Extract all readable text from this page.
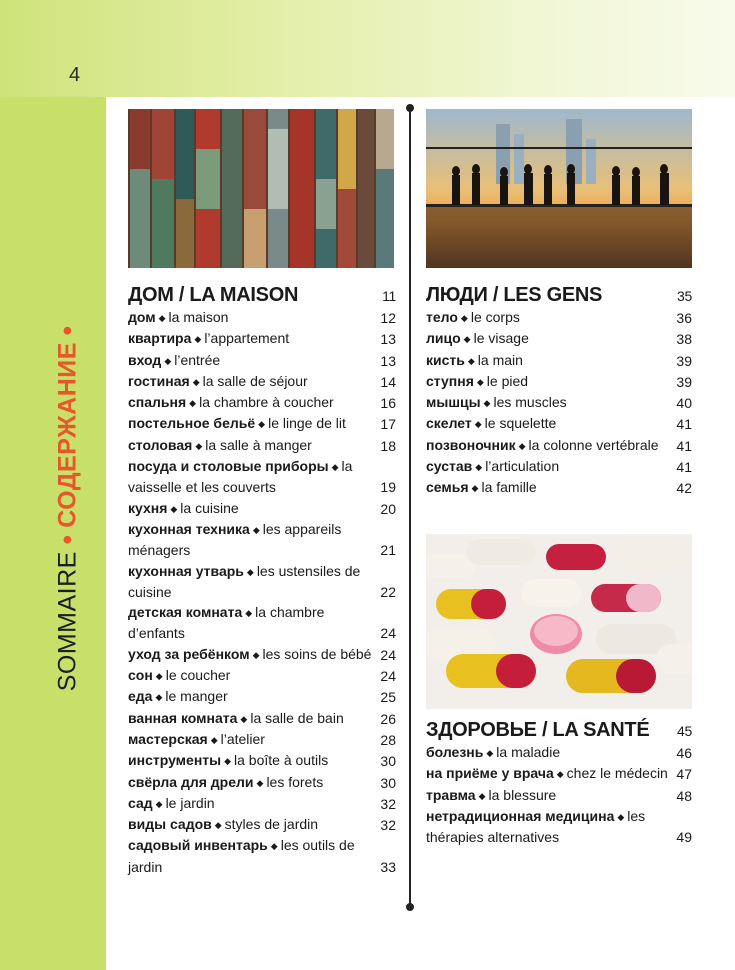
4
SOMMAIRE●СОДЕРЖАНИЕ●
ДОМ / LA MAISON	11
дом ◆ la maison	12
квартира ◆ l’appartement	13
вход ◆ l’entrée	13
гостиная ◆ la salle de séjour	14
спальня ◆ la chambre à coucher	16
постельное бельё ◆ le linge de lit	17
столовая ◆ la salle à manger	18
посуда и столовые приборы ◆ la vaisselle et les couverts	19
кухня ◆ la cuisine	20
кухонная техника ◆ les appareils ménagers	21
кухонная утварь ◆ les ustensiles de cuisine	22
детская комната ◆ la chambre d’enfants	24
уход за ребёнком ◆ les soins de bébé 24
сон ◆ le coucher	24
еда ◆ le manger	25
ванная комната ◆ la salle de bain	26
мастерская ◆ l’atelier	28
инструменты ◆ la boîte à outils	30
свёрла для дрели ◆ les forets	30
сад ◆ le jardin	32
виды садов ◆ styles de jardin	32
садовый инвентарь ◆ les outils de jardin	33
ЛЮДИ / LES GENS	35
тело ◆ le corps	36
лицо ◆ le visage	38
кисть ◆ la main	39
ступня ◆ le pied	39
мышцы ◆ les muscles	40
скелет ◆ le squelette	41
позвоночник ◆ la colonne vertébrale	41
сустав ◆ l’articulation	41
семья ◆ la famille	42
ЗДОРОВЬЕ / LA SANTÉ 45
болезнь ◆ la maladie	46
на приёме у врача ◆ chez le médecin 47
травма ◆ la blessure	48
нетрадиционная медицина ◆ les thérapies alternatives	49
